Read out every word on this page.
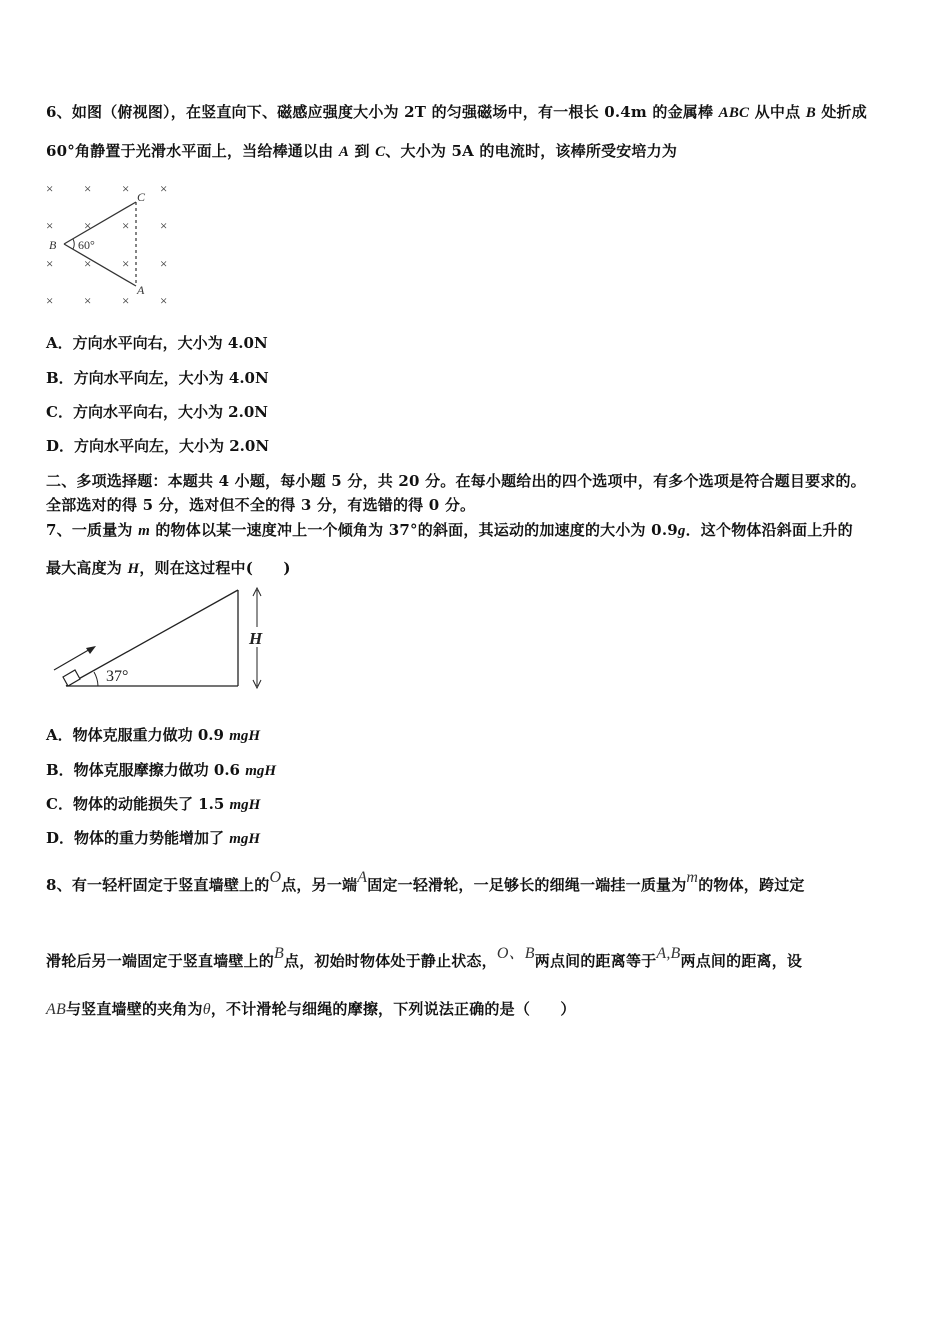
6、如图（俯视图），在竖直向下、磁感应强度大小为 2T 的匀强磁场中，有一根长 0.4m 的金属棒 ABC 从中点 B 处折成
60°角静置于光滑水平面上，当给棒通以由 A 到 C、大小为 5A 的电流时，该棒所受安培力为
× × × ×
× × × ×
× × × ×
× × × ×
C
B
A
60°
A．方向水平向右，大小为 4.0N
B．方向水平向左，大小为 4.0N
C．方向水平向右，大小为 2.0N
D．方向水平向左，大小为 2.0N
二、多项选择题：本题共 4 小题，每小题 5 分，共 20 分。在每小题给出的四个选项中，有多个选项是符合题目要求的。
全部选对的得 5 分，选对但不全的得 3 分，有选错的得 0 分。
7、一质量为 m 的物体以某一速度冲上一个倾角为 37°的斜面，其运动的加速度的大小为 0.9g．这个物体沿斜面上升的
最大高度为 H，则在这过程中(　　)
37°
H
A．物体克服重力做功 0.9 mgH
B．物体克服摩擦力做功 0.6 mgH
C．物体的动能损失了 1.5 mgH
D．物体的重力势能增加了 mgH
8、有一轻杆固定于竖直墙壁上的O点，另一端A固定一轻滑轮，一足够长的细绳一端挂一质量为m的物体，跨过定
滑轮后另一端固定于竖直墙壁上的B点，初始时物体处于静止状态，O、B两点间的距离等于A,B两点间的距离，设
AB与竖直墙壁的夹角为θ，不计滑轮与细绳的摩擦，下列说法正确的是（　　）
